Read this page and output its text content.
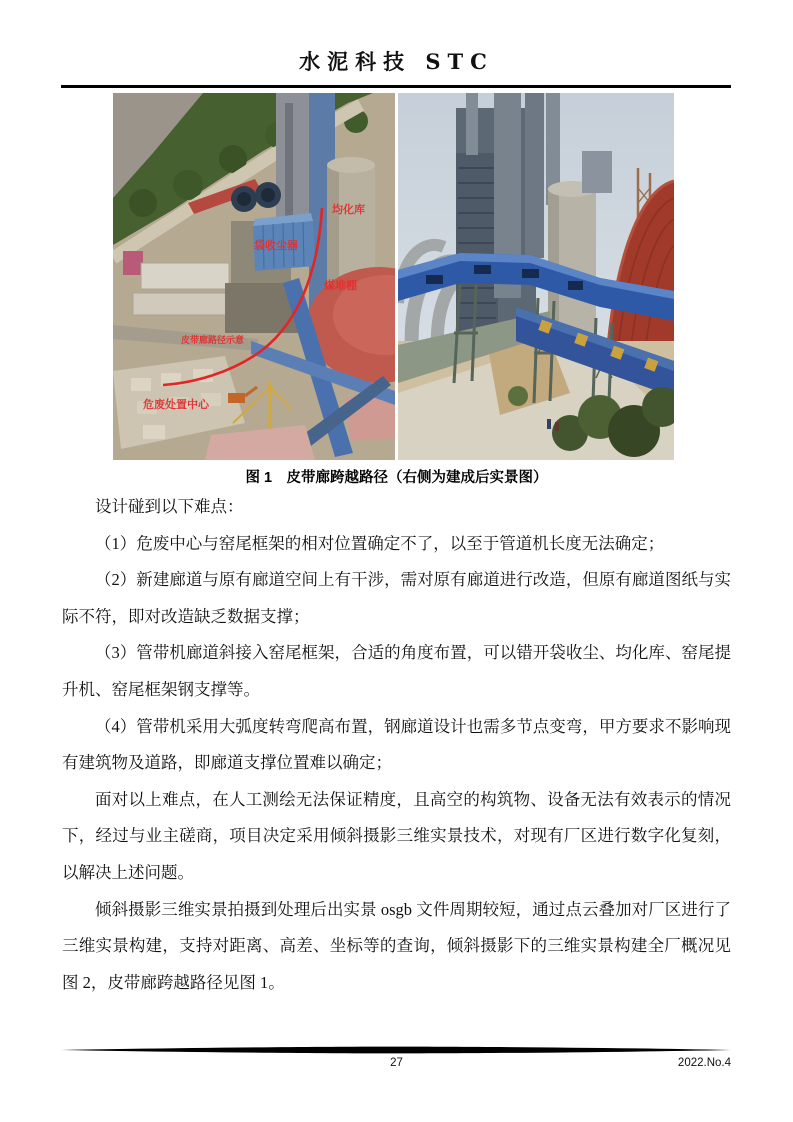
水泥科技 STC
均化库
袋收尘器
煤堆棚
皮带廊路径示意
危废处置中心
图 1　皮带廊跨越路径（右侧为建成后实景图）

设计碰到以下难点：

（1）危废中心与窑尾框架的相对位置确定不了，以至于管道机长度无法确定；

（2）新建廊道与原有廊道空间上有干涉，需对原有廊道进行改造，但原有廊道图纸与实际不符，即对改造缺乏数据支撑；

（3）管带机廊道斜接入窑尾框架，合适的角度布置，可以错开袋收尘、均化库、窑尾提升机、窑尾框架钢支撑等。

（4）管带机采用大弧度转弯爬高布置，钢廊道设计也需多节点变弯，甲方要求不影响现有建筑物及道路，即廊道支撑位置难以确定；

面对以上难点，在人工测绘无法保证精度，且高空的构筑物、设备无法有效表示的情况下，经过与业主磋商，项目决定采用倾斜摄影三维实景技术，对现有厂区进行数字化复刻，以解决上述问题。

倾斜摄影三维实景拍摄到处理后出实景 osgb 文件周期较短，通过点云叠加对厂区进行了三维实景构建，支持对距离、高差、坐标等的查询，倾斜摄影下的三维实景构建全厂概况见图 2，皮带廊跨越路径见图 1。

27	2022.No.4
